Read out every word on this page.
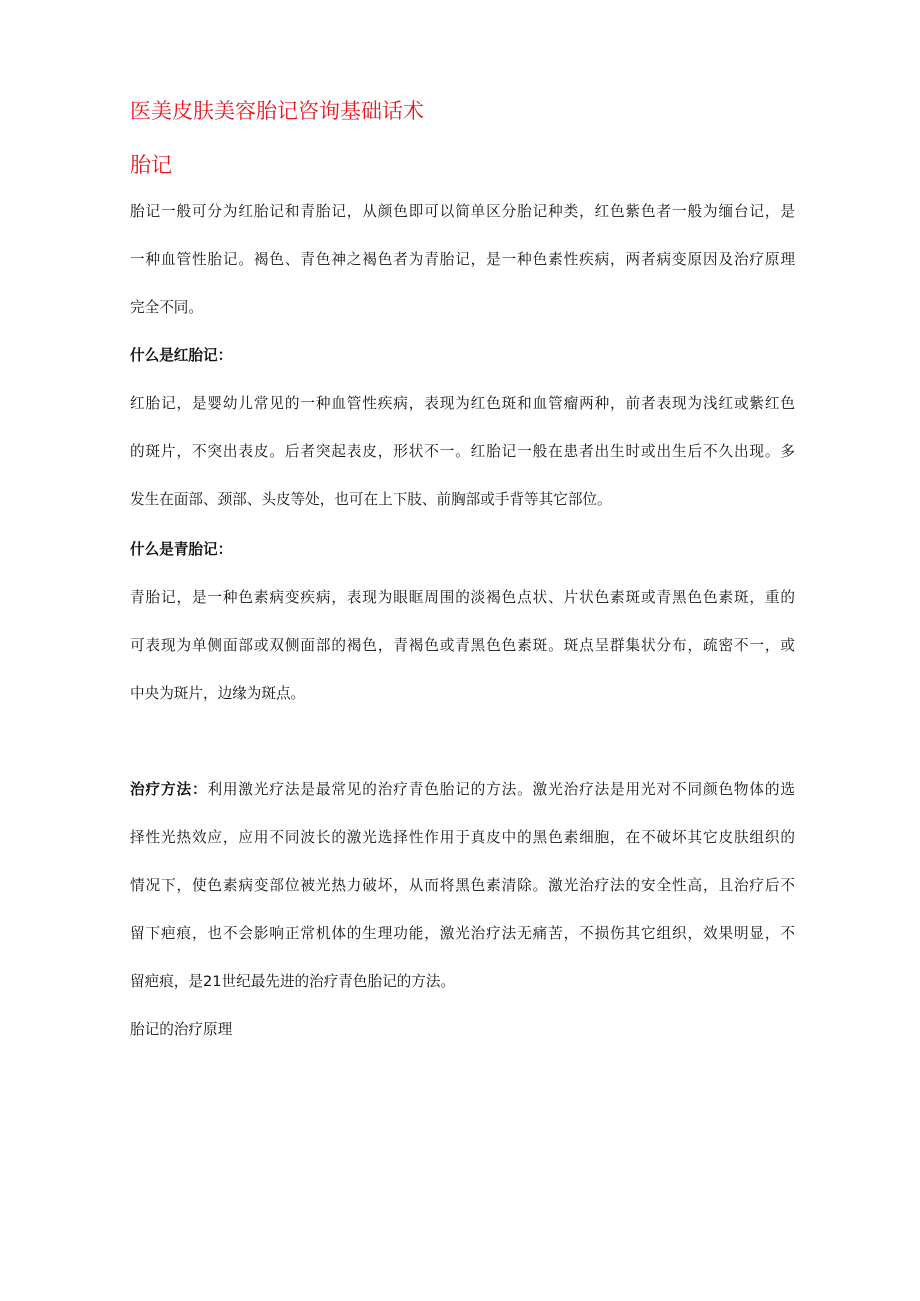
医美皮肤美容胎记咨询基础话术
胎记
胎记一般可分为红胎记和青胎记，从颜色即可以简单区分胎记种类，红色紫色者一般为缅台记，是
一种血管性胎记。褐色、青色神之褐色者为青胎记，是一种色素性疾病，两者病变原因及治疗原理
完全不同。
什么是红胎记：
红胎记，是婴幼儿常见的一种血管性疾病，表现为红色斑和血管瘤两种，前者表现为浅红或紫红色
的斑片，不突出表皮。后者突起表皮，形状不一。红胎记一般在患者出生时或出生后不久出现。多
发生在面部、颈部、头皮等处，也可在上下肢、前胸部或手背等其它部位。
什么是青胎记：
青胎记，是一种色素病变疾病，表现为眼眶周围的淡褐色点状、片状色素斑或青黑色色素斑，重的
可表现为单侧面部或双侧面部的褐色，青褐色或青黑色色素斑。斑点呈群集状分布，疏密不一，或
中央为斑片，边缘为斑点。
治疗方法：利用激光疗法是最常见的治疗青色胎记的方法。激光治疗法是用光对不同颜色物体的选
择性光热效应，应用不同波长的激光选择性作用于真皮中的黑色素细胞，在不破坏其它皮肤组织的
情况下，使色素病变部位被光热力破坏，从而将黑色素清除。激光治疗法的安全性高，且治疗后不
留下疤痕，也不会影响正常机体的生理功能，激光治疗法无痛苦，不损伤其它组织，效果明显，不
留疤痕，是21世纪最先进的治疗青色胎记的方法。
胎记的治疗原理
